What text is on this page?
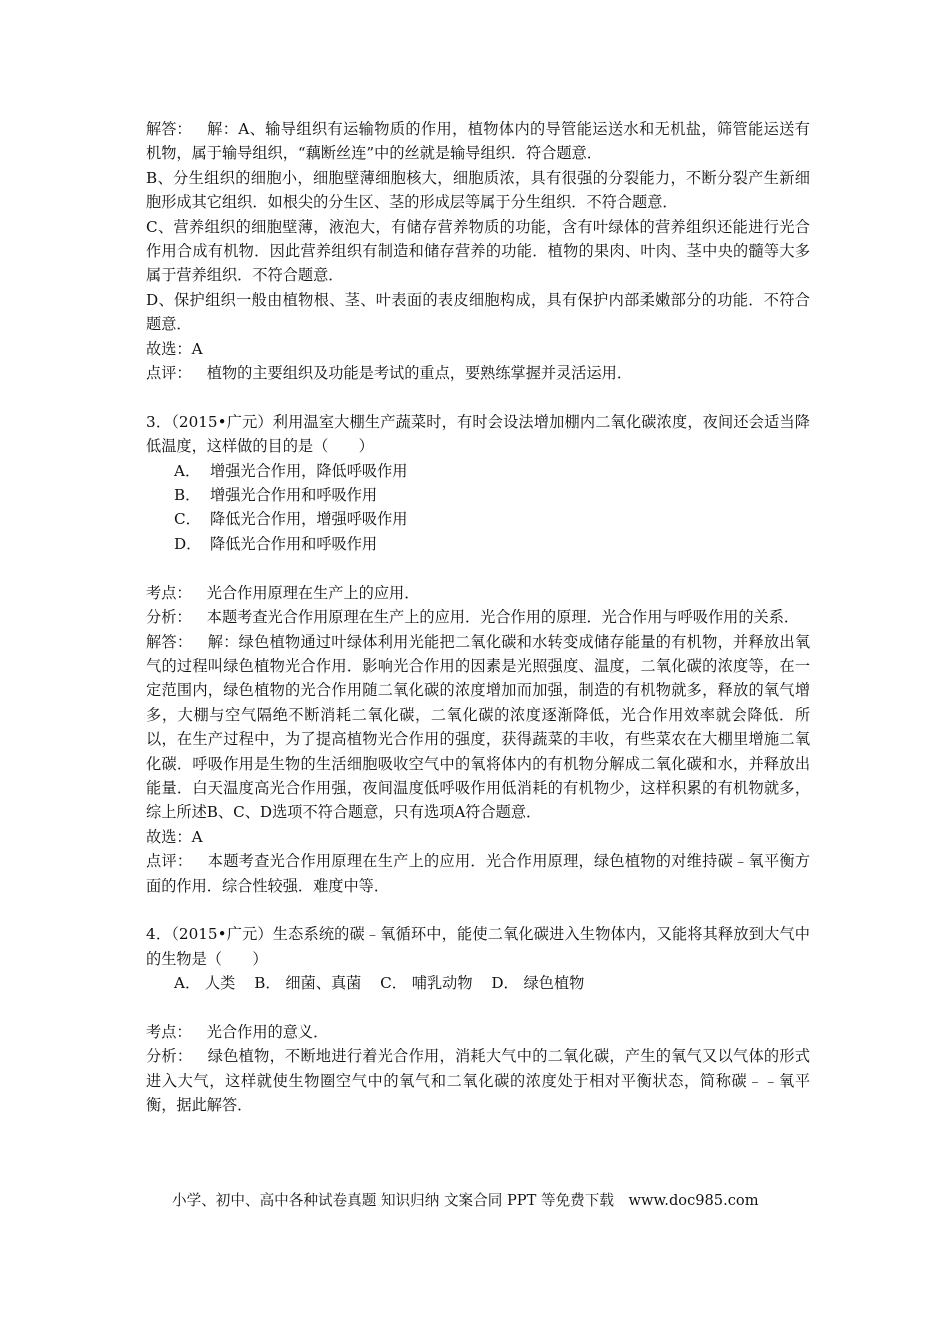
解答：  解：A、输导组织有运输物质的作用，植物体内的导管能运送水和无机盐，筛管能运送有机物，属于输导组织，“藕断丝连”中的丝就是输导组织．符合题意．

B、分生组织的细胞小，细胞壁薄细胞核大，细胞质浓，具有很强的分裂能力，不断分裂产生新细胞形成其它组织．如根尖的分生区、茎的形成层等属于分生组织．不符合题意．

C、营养组织的细胞壁薄，液泡大，有储存营养物质的功能，含有叶绿体的营养组织还能进行光合作用合成有机物．因此营养组织有制造和储存营养的功能．植物的果肉、叶肉、茎中央的髓等大多属于营养组织．不符合题意．

D、保护组织一般由植物根、茎、叶表面的表皮细胞构成，具有保护内部柔嫩部分的功能．不符合题意．

故选：A

点评：  植物的主要组织及功能是考试的重点，要熟练掌握并灵活运用．

3．（2015•广元）利用温室大棚生产蔬菜时，有时会设法增加棚内二氧化碳浓度，夜间还会适当降低温度，这样做的目的是（　　）

A． 增强光合作用，降低呼吸作用

B． 增强光合作用和呼吸作用

C． 降低光合作用，增强呼吸作用

D． 降低光合作用和呼吸作用

考点：  光合作用原理在生产上的应用．

分析：  本题考查光合作用原理在生产上的应用．光合作用的原理．光合作用与呼吸作用的关系．

解答：  解：绿色植物通过叶绿体利用光能把二氧化碳和水转变成储存能量的有机物，并释放出氧气的过程叫绿色植物光合作用．影响光合作用的因素是光照强度、温度，二氧化碳的浓度等，在一定范围内，绿色植物的光合作用随二氧化碳的浓度增加而加强，制造的有机物就多，释放的氧气增多，大棚与空气隔绝不断消耗二氧化碳，二氧化碳的浓度逐渐降低，光合作用效率就会降低．所以，在生产过程中，为了提高植物光合作用的强度，获得蔬菜的丰收，有些菜农在大棚里增施二氧化碳．呼吸作用是生物的生活细胞吸收空气中的氧将体内的有机物分解成二氧化碳和水，并释放出能量．白天温度高光合作用强，夜间温度低呼吸作用低消耗的有机物少，这样积累的有机物就多，综上所述B、C、D选项不符合题意，只有选项A符合题意．

故选：A

点评：  本题考查光合作用原理在生产上的应用．光合作用原理，绿色植物的对维持碳﹣氧平衡方面的作用．综合性较强．难度中等．

4．（2015•广元）生态系统的碳﹣氧循环中，能使二氧化碳进入生物体内，又能将其释放到大气中的生物是（　　）

A． 人类 B． 细菌、真菌 C． 哺乳动物 D． 绿色植物

考点：  光合作用的意义．

分析：  绿色植物，不断地进行着光合作用，消耗大气中的二氧化碳，产生的氧气又以气体的形式进入大气，这样就使生物圈空气中的氧气和二氧化碳的浓度处于相对平衡状态，简称碳﹣﹣氧平衡，据此解答．

小学、初中、高中各种试卷真题 知识归纳 文案合同 PPT 等免费下载　www.doc985.com
